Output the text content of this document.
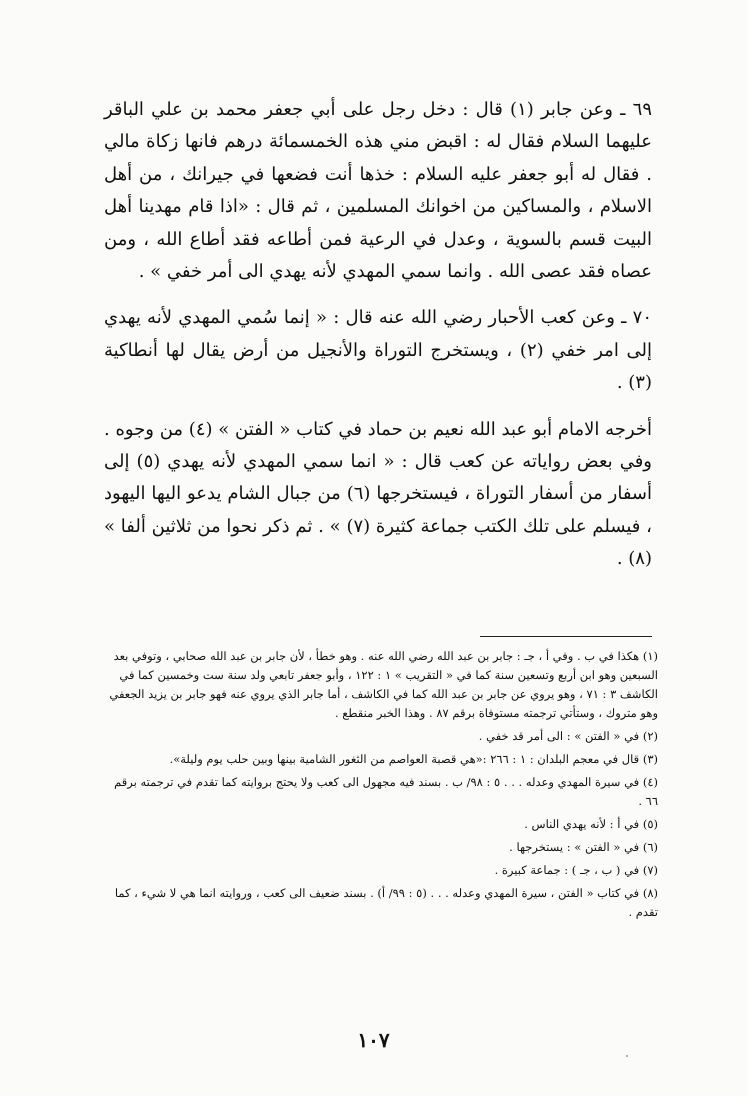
٦٩ ـ وعن جابر (١) قال : دخل رجل على أبي جعفر محمد بن علي الباقر عليهما السلام فقال له : اقبض مني هذه الخمسمائة درهم فانها زكاة مالي . فقال له أبو جعفر عليه السلام : خذها أنت فضعها في جيرانك ، من أهل الاسلام ، والمساكين من اخوانك المسلمين ، ثم قال : «اذا قام مهدينا أهل البيت قسم بالسوية ، وعدل في الرعية فمن أطاعه فقد أطاع الله ، ومن عصاه فقد عصى الله . وانما سمي المهدي لأنه يهدي الى أمر خفي » .

٧٠ ـ وعن كعب الأحبار رضي الله عنه قال : « إنما سُمي المهدي لأنه يهدي إلى امر خفي (٢) ، ويستخرج التوراة والأنجيل من أرض يقال لها أنطاكية (٣) .

أخرجه الامام أبو عبد الله نعيم بن حماد في كتاب « الفتن » (٤) من وجوه . وفي بعض رواياته عن كعب قال : « انما سمي المهدي لأنه يهدي (٥) إلى أسفار من أسفار التوراة ، فيستخرجها (٦) من جبال الشام يدعو اليها اليهود ، فيسلم على تلك الكتب جماعة كثيرة (٧) » . ثم ذكر نحوا من ثلاثين ألفا » (٨) .

(١) هكذا في ب . وفي أ ، جـ : جابر بن عبد الله رضي الله عنه . وهو خطأ ، لأن جابر بن عبد الله صحابي ، وتوفي بعد السبعين وهو ابن أربع وتسعين سنة كما في « التقريب » ١ : ١٢٢ ، وأبو جعفر تابعي ولد سنة ست وخمسين كما في الكاشف ٣ : ٧١ ، وهو يروي عن جابر بن عبد الله كما في الكاشف ، أما جابر الذي يروي عنه فهو جابر بن يزيد الجعفي وهو متروك ، وستأتي ترجمته مستوفاة برقم ٨٧ . وهذا الخبر منقطع .
(٢) في « الفتن » : الى أمر قد خفي .
(٣) قال في معجم البلدان : ١ : ٢٦٦ :«هي قصبة العواصم من الثغور الشامية بينها وبين حلب يوم وليلة».
(٤) في سيرة المهدي وعدله . . . ٥ : ٩٨/ ب . بسند فيه مجهول الى كعب ولا يحتج بروايته كما تقدم في ترجمته برقم ٦٦ .
(٥) في أ : لأنه يهدي الناس .
(٦) في « الفتن » : يستخرجها .
(٧) في ( ب ، جـ ) : جماعة كبيرة .
(٨) في كتاب « الفتن ، سيرة المهدي وعدله . . . (٥ : ٩٩/ أ) . بسند ضعيف الى كعب ، وروايته انما هي لا شيء ، كما تقدم .
١٠٧
